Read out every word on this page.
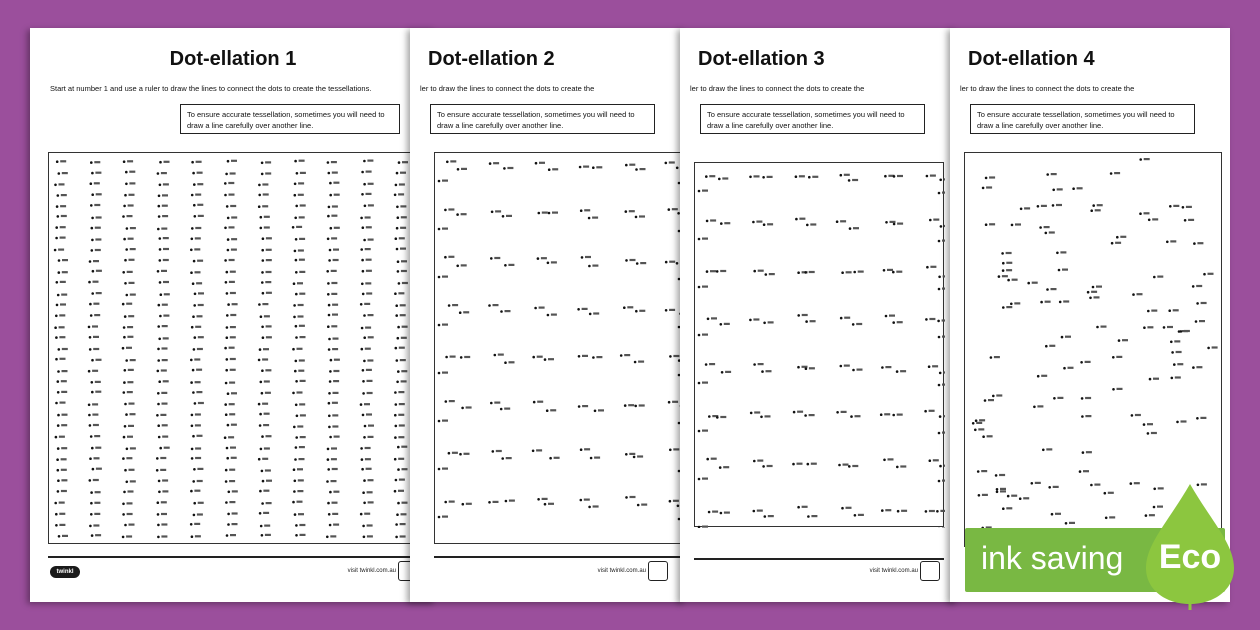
Dot-ellation 1
Start at number 1 and use a ruler to draw the lines to connect the dots to create the tessellations.
To ensure accurate tessellation, sometimes you will need to draw a line carefully over another line.
twinkl	visit twinkl.com.au
Dot-ellation 2
ler to draw the lines to connect the dots to create the
To ensure accurate tessellation, sometimes you will need to draw a line carefully over another line.
visit twinkl.com.au
Dot-ellation 3
ler to draw the lines to connect the dots to create the
To ensure accurate tessellation, sometimes you will need to draw a line carefully over another line.
visit twinkl.com.au
Dot-ellation 4
ler to draw the lines to connect the dots to create the
To ensure accurate tessellation, sometimes you will need to draw a line carefully over another line.
ink saving	Eco
